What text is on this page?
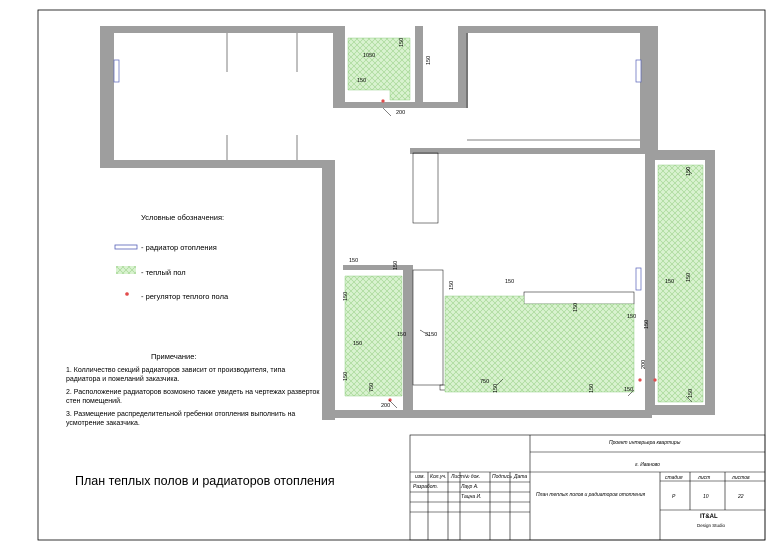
1050
150
150
150
200
150	150
150
150
150
150
750
3150
750
150
150	150
150
150
150
200
150
150
150
150
150
150
200
Условные обозначения:
- радиатор отопления
- теплый пол
- регулятор теплого пола
Примечание:
1. Колличество секций радиаторов зависит от производителя, типа радиатора и пожеланий заказчика.
2. Расположение радиаторов возможно также увидеть на чертежах разверток стен помещений.
3. Размещение распределительной гребенки отопления выполнить на усмотрение заказчика.
План теплых полов и радиаторов отопления
Проект интерьера квартиры
г. Иваново
изм. Кол.уч. Лист № док. Подпись Дата
Разработ.	Лаур А.
Тацна И.	План теплых полов и радиаторов отопления
стадия	лист	листов
Р	10	22
IT&AL
Design Studio
